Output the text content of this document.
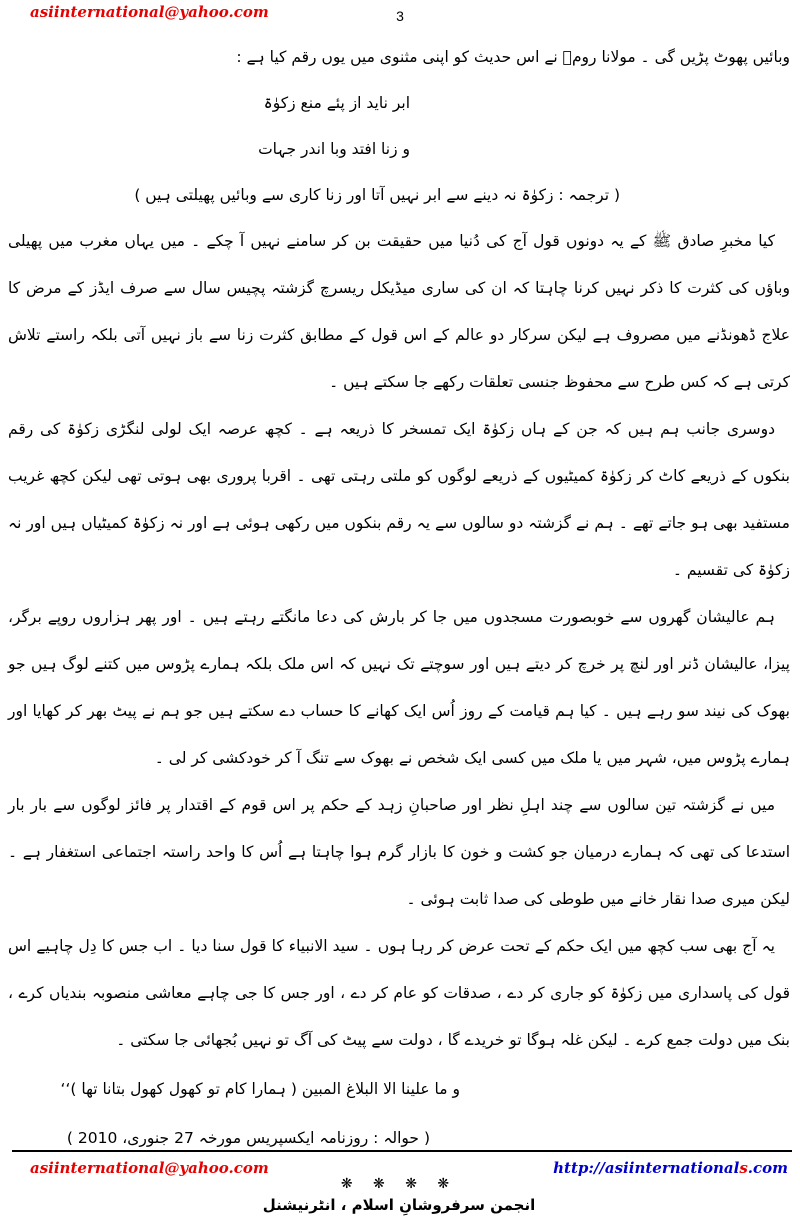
asiinternational@yahoo.com	3

وبائیں پھوٹ پڑیں گی ۔ مولانا رومؒ نے اس حدیث کو اپنی مثنوی میں یوں رقم کیا ہے :

ابر ناید از پئے منع زکوٰۃ

و زنا افتد وبا اندر جہات

( ترجمہ : زکوٰۃ نہ دینے سے ابر نہیں آتا اور زنا کاری سے وبائیں پھیلتی ہیں )

کیا مخبرِ صادق ﷺ کے یہ دونوں قول آج کی دُنیا میں حقیقت بن کر سامنے نہیں آ چکے ۔ میں یہاں مغرب میں پھیلی وباؤں کی کثرت کا ذکر نہیں کرنا چاہتا کہ ان کی ساری میڈیکل ریسرچ گزشتہ پچیس سال سے صرف ایڈز کے مرض کا علاج ڈھونڈنے میں مصروف ہے لیکن سرکار دو عالم کے اس قول کے مطابق کثرت زنا سے باز نہیں آتی بلکہ راستے تلاش کرتی ہے کہ کس طرح سے محفوظ جنسی تعلقات رکھے جا سکتے ہیں ۔

دوسری جانب ہم ہیں کہ جن کے ہاں زکوٰۃ ایک تمسخر کا ذریعہ ہے ۔ کچھ عرصہ ایک لولی لنگڑی زکوٰۃ کی رقم بنکوں کے ذریعے کاٹ کر زکوٰۃ کمیٹیوں کے ذریعے لوگوں کو ملتی رہتی تھی ۔ اقربا پروری بھی ہوتی تھی لیکن کچھ غریب مستفید بھی ہو جاتے تھے ۔ ہم نے گزشتہ دو سالوں سے یہ رقم بنکوں میں رکھی ہوئی ہے اور نہ زکوٰۃ کمیٹیاں ہیں اور نہ زکوٰۃ کی تقسیم ۔

ہم عالیشان گھروں سے خوبصورت مسجدوں میں جا کر بارش کی دعا مانگتے رہتے ہیں ۔ اور پھر ہزاروں روپے برگر، پیزا، عالیشان ڈنر اور لنچ پر خرچ کر دیتے ہیں اور سوچتے تک نہیں کہ اس ملک بلکہ ہمارے پڑوس میں کتنے لوگ ہیں جو بھوک کی نیند سو رہے ہیں ۔ کیا ہم قیامت کے روز اُس ایک کھانے کا حساب دے سکتے ہیں جو ہم نے پیٹ بھر کر کھایا اور ہمارے پڑوس میں، شہر میں یا ملک میں کسی ایک شخص نے بھوک سے تنگ آ کر خودکشی کر لی ۔

میں نے گزشتہ تین سالوں سے چند اہلِ نظر اور صاحبانِ زہد کے حکم پر اس قوم کے اقتدار پر فائز لوگوں سے بار بار استدعا کی تھی کہ ہمارے درمیان جو کشت و خون کا بازار گرم ہوا چاہتا ہے اُس کا واحد راستہ اجتماعی استغفار ہے ۔ لیکن میری صدا نقار خانے میں طوطی کی صدا ثابت ہوئی ۔

یہ آج بھی سب کچھ میں ایک حکم کے تحت عرض کر رہا ہوں ۔ سید الانبیاء کا قول سنا دیا ۔ اب جس کا دِل چاہیے اس قول کی پاسداری میں زکوٰۃ کو جاری کر دے ، صدقات کو عام کر دے ، اور جس کا جی چاہے معاشی منصوبہ بندیاں کرے ، بنک میں دولت جمع کرے ۔ لیکن غلہ ہوگا تو خریدے گا ، دولت سے پیٹ کی آگ تو نہیں بُجھائی جا سکتی ۔

و ما علینا الا البلاغ المبین ( ہمارا کام تو کھول کھول بتانا تھا )‘‘

( حوالہ : روزنامہ ایکسپریس مورخہ 27 جنوری، 2010 )

❋ ❋ ❋ ❋

انجمن سرفروشانِ اسلام ، انٹرنیشنل

asiinternational@yahoo.com	http://asiinternationals.com
